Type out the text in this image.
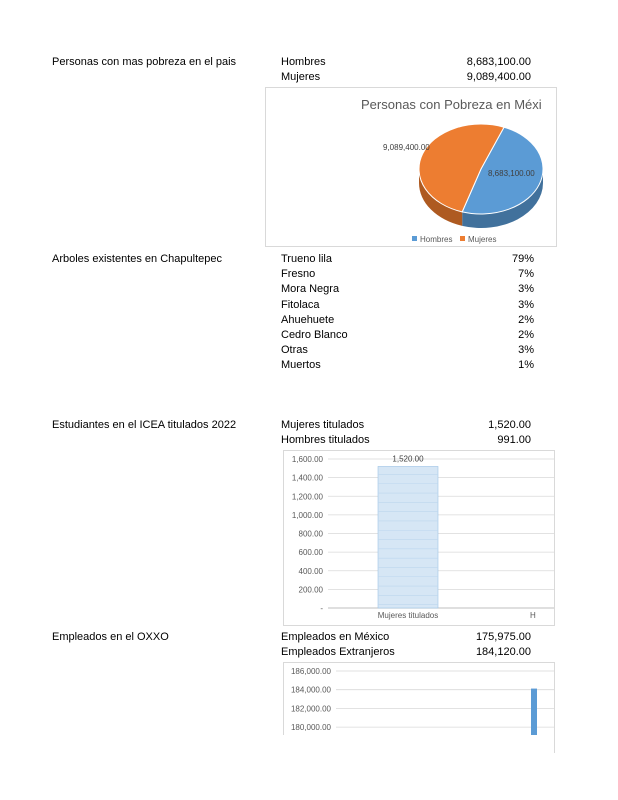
Personas con mas pobreza en el pais	Hombres	8,683,100.00
Mujeres	9,089,400.00
Personas con Pobreza en Méxi
8,683,100.00
9,089,400.00
Hombres Mujeres
Arboles existentes en Chapultepec	Trueno lila	79%
Fresno	7%
Mora Negra	3%
Fitolaca	3%
Ahuehuete	2%
Cedro Blanco	2%
Otras	3%
Muertos	1%
Estudiantes en el ICEA titulados 2022	Mujeres titulados	1,520.00
Hombres titulados	991.00
-
200.00
400.00
600.00
800.00
1,000.00
1,200.00
1,400.00
1,600.00	1,520.00
Mujeres titulados	H
Empleados en el OXXO	Empleados en México	175,975.00
Empleados Extranjeros	184,120.00
186,000.00
184,000.00
182,000.00
180,000.00
